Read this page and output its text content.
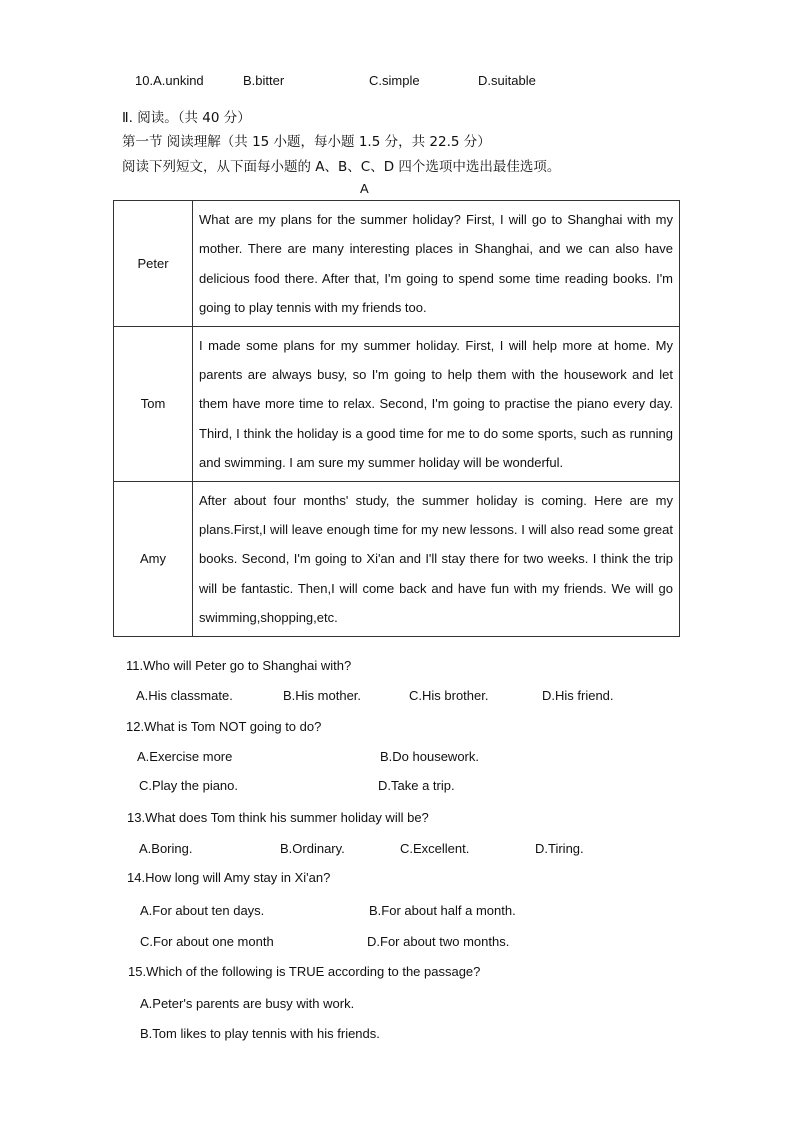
10.A.unkind	B.bitter	C.simple	D.suitable
Ⅱ. 阅读。（共 40 分）
第一节 阅读理解（共 15 小题，每小题 1.5 分，共 22.5 分）
阅读下列短文，从下面每小题的 A、B、C、D 四个选项中选出最佳选项。
A
Peter	What are my plans for the summer holiday? First, I will go to Shanghai with my mother. There are many interesting places in Shanghai, and we can also have delicious food there. After that, I'm going to spend some time reading books. I'm going to play tennis with my friends too.
Tom	I made some plans for my summer holiday. First, I will help more at home. My parents are always busy, so I'm going to help them with the housework and let them have more time to relax. Second, I'm going to practise the piano every day. Third, I think the holiday is a good time for me to do some sports, such as running and swimming. I am sure my summer holiday will be wonderful.
Amy	After about four months' study, the summer holiday is coming. Here are my plans.First,I will leave enough time for my new lessons. I will also read some great books. Second, I'm going to Xi'an and I'll stay there for two weeks. I think the trip will be fantastic. Then,I will come back and have fun with my friends. We will go swimming,shopping,etc.
11.Who will Peter go to Shanghai with?
A.His classmate.	B.His mother.	C.His brother.	D.His friend.
12.What is Tom NOT going to do?
A.Exercise more	B.Do housework.
C.Play the piano.	D.Take a trip.
13.What does Tom think his summer holiday will be?
A.Boring.	B.Ordinary.	C.Excellent.	D.Tiring.
14.How long will Amy stay in Xi'an?
A.For about ten days.	B.For about half a month.
C.For about one month	D.For about two months.
15.Which of the following is TRUE according to the passage?
A.Peter's parents are busy with work.
B.Tom likes to play tennis with his friends.
